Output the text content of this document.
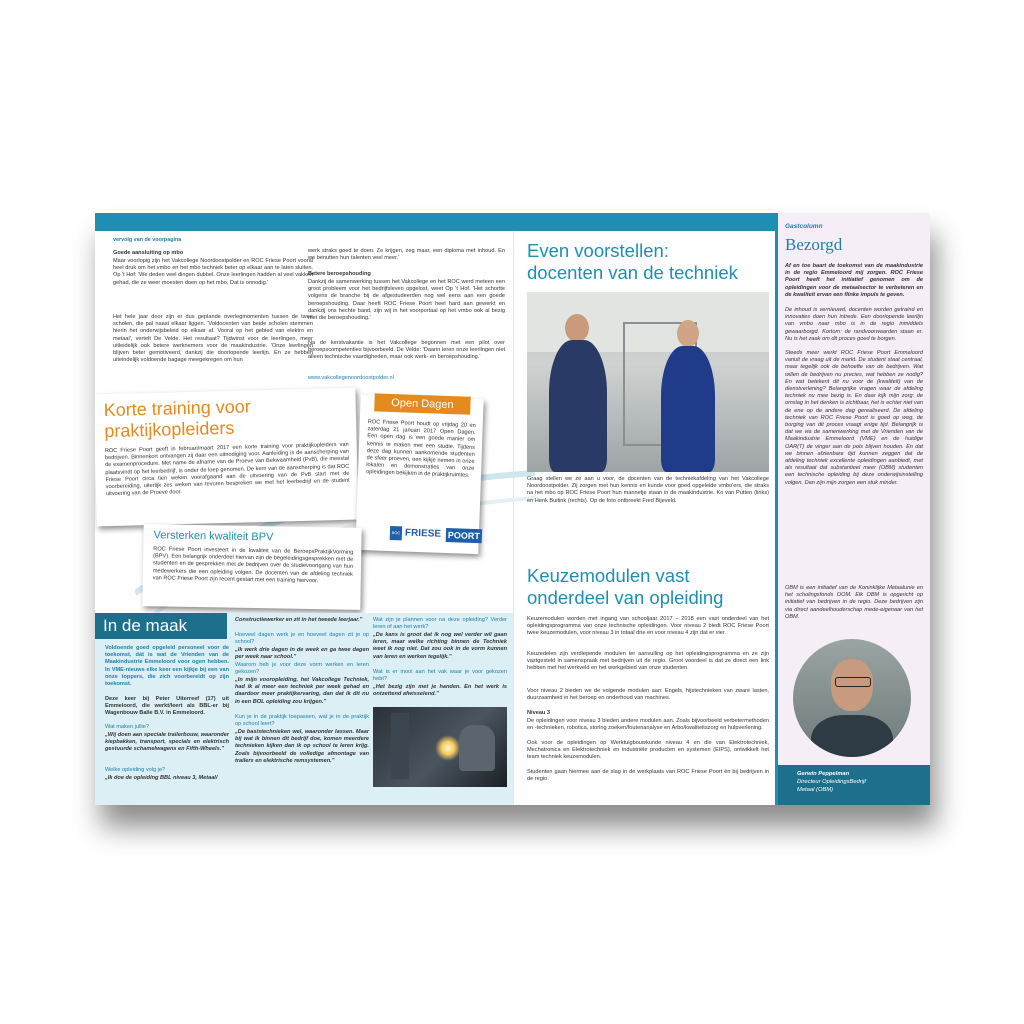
vervolg van de voorpagina
Goede aansluiting op mbo
Maar voorlopig zijn het Vakcollege Noordoostpolder en ROC Friese Poort vooral heel druk om het vmbo en het mbo techniek beter op elkaar aan te laten sluiten. Op 't Hof: 'We deden veel dingen dubbel. Onze leerlingen hadden al veel vakken gehad, die ze weer moesten doen op het mbo. Dat is onnodig.'
Het hele jaar door zijn er dus geplande overlegmomenten tussen de twee scholen, die pal naast elkaar liggen. 'Voldocenten van beide scholen stemmen hierin het onderwijsbeleid op elkaar af. Vooral op het gebied van elektro en metaal', vertelt De Velde. Het resultaat? Tijdwinst voor de leerlingen, meer uitleidelijk ook betere werknemers voor de maakindustrie. 'Onze leerlingen blijven beter gemotiveerd, dankzij die doorlopende leerlijn. En ze hebben uiteindelijk voldoende bagage meegekregen om hun
werk straks goed te doen. Ze krijgen, zeg maar, een diploma met inhoud. En we benutten hun talenten veel meer.'
Betere beroepshouding
Dankzij de samenwerking tussen het Vakcollege en het ROC werd meteen een groot probleem voor het bedrijfsleven opgelost, weet Op 't Hof. 'Het schortte volgens de branche bij de afgestudeerden nog wel eens aan een goede beroepshouding. Daar heeft ROC Friese Poort heel hard aan gewerkt en dankzij ons hechte band, zijn wij in het voorportaal op het vmbo ook al bezig met die beroepshouding.'
Na de kerstvakantie is het Vakcollege begonnen met een pilot over beroepscompetenties bijvoorbeeld. De Velde: 'Daarin leren onze leerlingen niet alleen technische vaardigheden, maar ook werk- en beroepshouding.'
www.vakcollegenoordoostpolder.nl
Korte training voor
praktijkopleiders
ROC Friese Poort geeft in februari/maart 2017 een korte training voor praktijkopleiders van bedrijven. Binnenkort ontvangen zij daar een uitnodiging voor. Aanleiding is de aanscherping van de examenprocedure. Met name de afname van de Proeve van Bekwaamheid (PvB), die meestal plaatsvindt op het leerbedrijf, is onder de loep genomen. De kern van de aanscherping is dat ROC Friese Poort circa tien weken voorafgaand aan de uitvoering van de PvB start met de voorbereiding, uiterlijk zes weken van tevoren bespreken we met het leerbedrijf en de student uitvoering van de Proeve door.
Open Dagen
ROC Friese Poort houdt op vrijdag 20 en zaterdag 21 januari 2017 Open Dagen. Een open dag is een goede manier om kennis te maken met een studie. Tijdens deze dag kunnen aankomende studenten de sfeer proeven, een kijkje nemen in onze lokalen en demonstraties van onze opleidingen bekijken in de praktijkruimtes.
ROC FRIESE POORT
Versterken kwaliteit BPV
ROC Friese Poort investeert in de kwaliteit van de BeroepsPraktijkVorming (BPV). Een belangrijk onderdeel hiervan zijn de begeleidingsgesprekken met de studenten en de gesprekken met de bedrijven over de studievoortgang van hun medewerkers die een opleiding volgen. De docenten van de afdeling techniek van ROC Friese Poort zijn recent gestart met een training hiervoor.
In de maak
Voldoende goed opgeleid personeel voor de toekomst, dát is wat de Vrienden van de Maakindustrie Emmeloord voor ogen hebben. In VME-nieuws elke keer een kijkje bij een van onze toppers, die zich voorbereidt op zijn toekomst.
Deze keer bij Peter Uiterreef (17) uit Emmeloord, die werkt/leert als BBL-er bij Wagenbouw Balle B.V. in Emmeloord.
Wat maken jullie?
„Wij doen aan speciale trailerbouw, waaronder kiepbakken, transport, specials en elektrisch gestuurde schamelwagens en Fifth-Wheels."
Welke opleiding volg je?
„Ik doe de opleiding BBL niveau 3, Metaal/
Constructiewerker en zit in het tweede leerjaar."
Hoeveel dagen werk je en hoeveel dagen zit je op school?
„Ik werk drie dagen in de week en ga twee dagen per week naar school."
Waarom heb je voor deze vorm werken en leren gekozen?
„In mijn vooropleiding, het Vakcollege Techniek, had ik al meer een techniek per week gehad en daardoor meer praktijkervaring, dan dat ik dit nu in een BOL opleiding zou krijgen."
Kun je in de praktijk toepassen, wat je in de praktijk op school leert?
„De basistechnieken wel, waaronder lassen. Maar bij wat ik binnen dit bedrijf doe, komen meerdere technieken kijken dan ik op school te leren krijg. Zoals bijvoorbeeld de volledige afmontage van trailers en elektrische remsystemen."
Wat zijn je plannen voor na deze opleiding? Verder leren of aan het werk?
„De kans is groot dat ik nog wel verder wil gaan leren, maar welke richting binnen de Techniek weet ik nog niet. Dat zou ook in de vorm kunnen van leren en werken tegelijk."
Wat is er mooi aan het vak waar je voor gekozen hebt?
„Het bezig zijn met je handen. En het werk is ontzettend afwisselend."
Even voorstellen:
docenten van de techniek
Graag stellen we ze aan u voor, de docenten van de techniekafdeling van het Vakcollege Noordoostpolder. Zij zorgen met hun kennis en kunde voor goed opgeleide vmbo'ers, die straks na het mbo op ROC Friese Poort hun mannetje staan in de maakindustrie. Ko van Putten (links) en Henk Buitink (rechts). Op de foto ontbreekt Fred Bijeveld.
Keuzemodulen vast
onderdeel van opleiding
Keuzemodulen worden met ingang van schooljaar 2017 – 2018 een vast onderdeel van het opleidingsprogramma van onze technische opleidingen. Voor niveau 2 biedt ROC Friese Poort twee keuzemodulen, voor niveau 3 in totaal drie en voor niveau 4 zijn dat er vier.
Keuzedelen zijn verdiepende modulen ter aanvulling op het opleidingsprogramma en ze zijn vastgesteld in samenspraak met bedrijven uit de regio. Groot voordeel is dat ze direct een link hebben met het werkveld en het werkgebied van onze studenten.
Voor niveau 2 bieden we de volgende modulen aan: Engels, hijstechnieken van zware lasten, duurzaamheid in het beroep en onderhoud van machines.
Niveau 3
De opleidingen voor niveau 3 bieden andere modulen aan. Zoals bijvoorbeeld verbetermethoden en -technieken, robotica, storing zoeken/foutenanalyse en Arbo/kwaliteitszorg en hulpverlening.
Ook voor de opleidingen op Werktuigbouwkunde niveau 4 en die van Elektrotechniek, Mechatronica en Elektrotechniek en industriële producten en systemen (EIPS), ontwikkelt het team techniek keuzemodulen.
Studenten gaan hiermee aan de slag in de werkplaats van ROC Friese Poort én bij bedrijven in de regio.
Gastcolumn
Bezorgd
Af en toe baart de toekomst van de maakindustrie in de regio Emmeloord mij zorgen. ROC Friese Poort heeft het initiatief genomen om de opleidingen voor de metaalsector te verbeteren en de kwaliteit ervan een flinke impuls te geven.
De inhoud is vernieuwd, docenten worden getraind en innovaties doen hun intrede. Een doorlopende leerlijn van vmbo naar mbo is in de regio inmiddels gewaarborgd. Kortom: de randvoorwaarden staan er. Nu is het zaak om dit proces goed te borgen.
Steeds meer werkt ROC Friese Poort Emmeloord vanuit de vraag uit de markt. De student staat centraal, maar tegelijk ook de behoefte van de bedrijven. Wat willen de bedrijven nu precies, wat hebben ze nodig? En wat betekent dit nu voor de (kwaliteit) van de dienstverlening? Belangrijke vragen waar de afdeling techniek nu mee bezig is. En daar kijk mijn zorg: de omslag in het denken is zichtbaar, het is echter niet van de ene op de andere dag gerealiseerd. De afdeling techniek van ROC Friese Poort is goed op weg, de borging van dit proces vraagt enige tijd. Belangrijk is dat we via de samenwerking met de Vrienden van de Maakindustrie Emmeloord (VME) en de huidige OAR(T) de vinger aan de pols blijven houden. En dat we binnen afzienbare tijd kunnen zeggen dat de afdeling techniek excellente opleidingen aanbiedt, met als resultaat dat substantieel meer (OBM) studenten een technische opleiding bij deze onderwijsinstelling volgen. Dan zijn mijn zorgen een stuk minder.
OBM is een initiatief van de Koninklijke Metaalunie en het scholingsfonds OOM. Elk OBM is opgericht op initiatief van bedrijven in de regio. Deze bedrijven zijn via direct aandeelhouderschap mede-eigenaar van het OBM.
Gerwin Peppelman
Directeur OpleidingsBedrijf
Metaal (OBM)
